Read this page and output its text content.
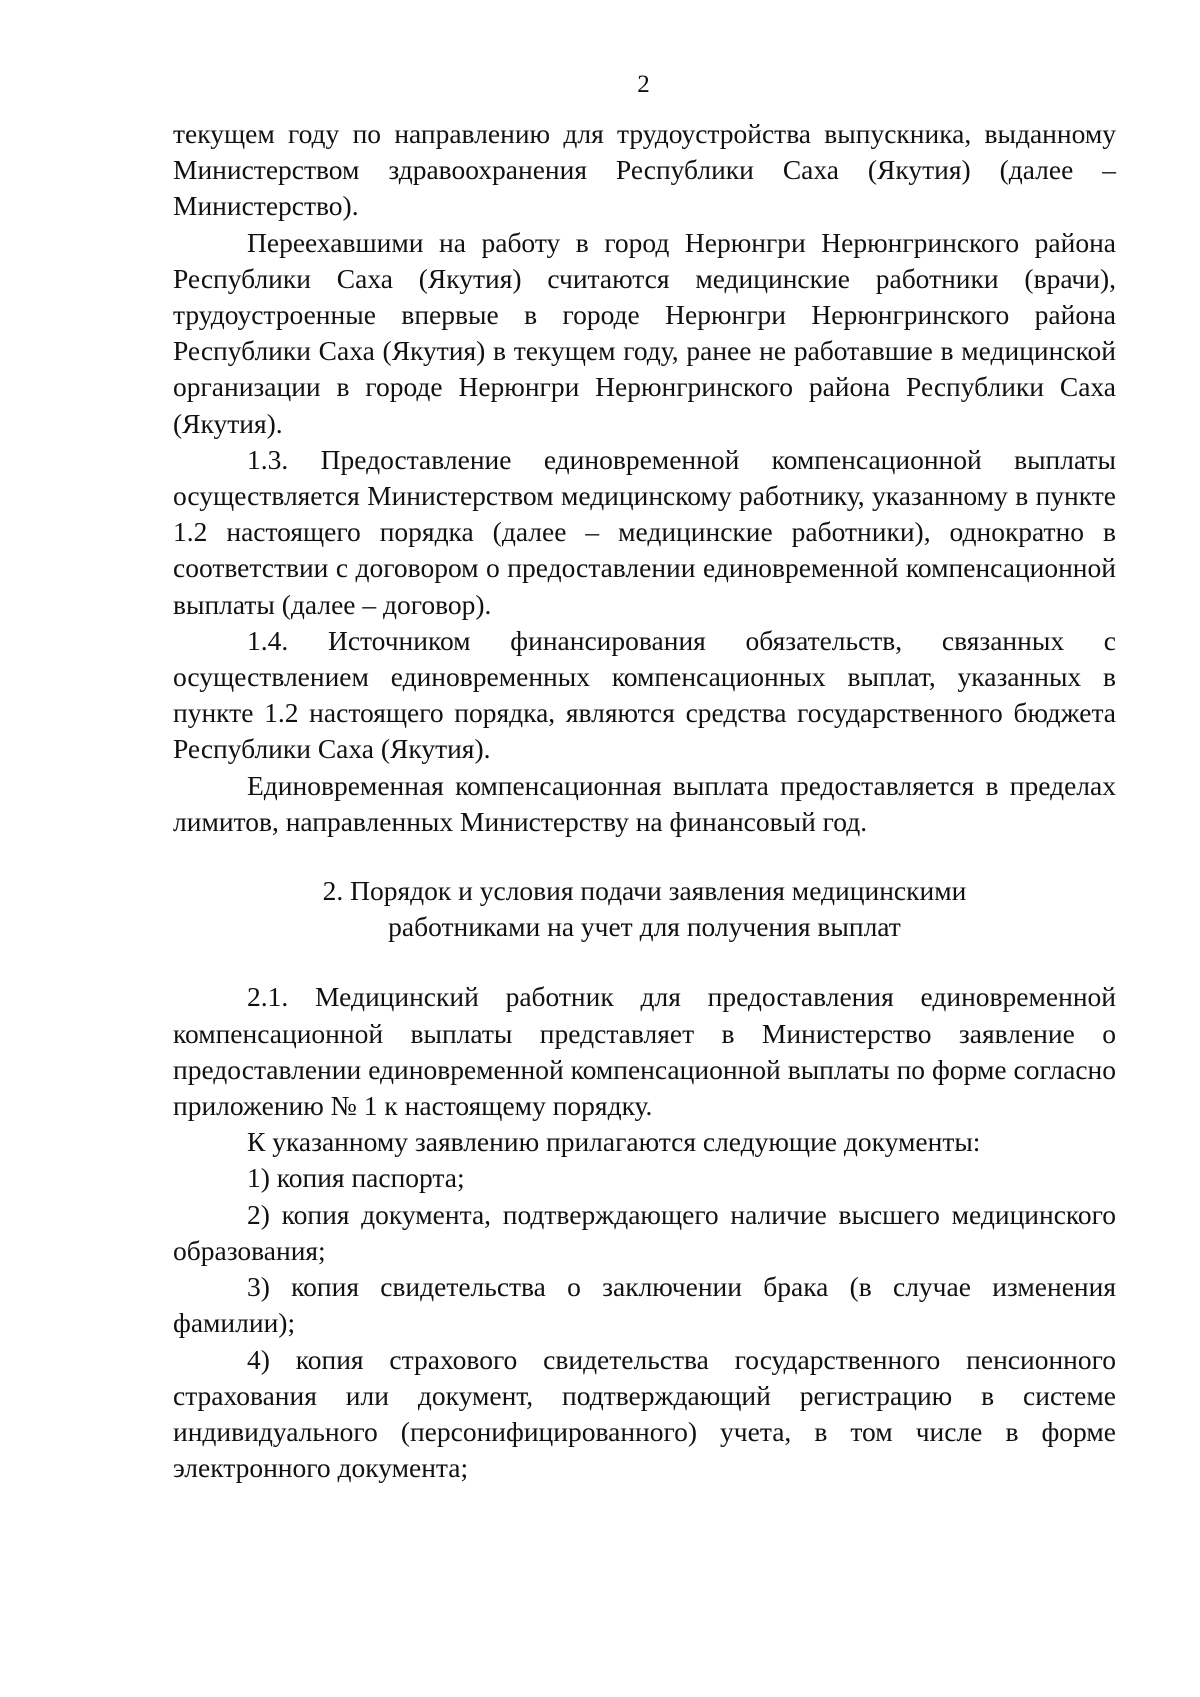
2

текущем году по направлению для трудоустройства выпускника, выданному Министерством здравоохранения Республики Саха (Якутия) (далее – Министерство).

Переехавшими на работу в город Нерюнгри Нерюнгринского района Республики Саха (Якутия) считаются медицинские работники (врачи), трудоустроенные впервые в городе Нерюнгри Нерюнгринского района Республики Саха (Якутия) в текущем году, ранее не работавшие в медицинской организации в городе Нерюнгри Нерюнгринского района Республики Саха (Якутия).

1.3. Предоставление единовременной компенсационной выплаты осуществляется Министерством медицинскому работнику, указанному в пункте 1.2 настоящего порядка (далее – медицинские работники), однократно в соответствии с договором о предоставлении единовременной компенсационной выплаты (далее – договор).

1.4. Источником финансирования обязательств, связанных с осуществлением единовременных компенсационных выплат, указанных в пункте 1.2 настоящего порядка, являются средства государственного бюджета Республики Саха (Якутия).

Единовременная компенсационная выплата предоставляется в пределах лимитов, направленных Министерству на финансовый год.

2. Порядок и условия подачи заявления медицинскими
работниками на учет для получения выплат

2.1. Медицинский работник для предоставления единовременной компенсационной выплаты представляет в Министерство заявление о предоставлении единовременной компенсационной выплаты по форме согласно приложению № 1 к настоящему порядку.

К указанному заявлению прилагаются следующие документы:

1) копия паспорта;

2) копия документа, подтверждающего наличие высшего медицинского образования;

3) копия свидетельства о заключении брака (в случае изменения фамилии);

4) копия страхового свидетельства государственного пенсионного страхования или документ, подтверждающий регистрацию в системе индивидуального (персонифицированного) учета, в том числе в форме электронного документа;
